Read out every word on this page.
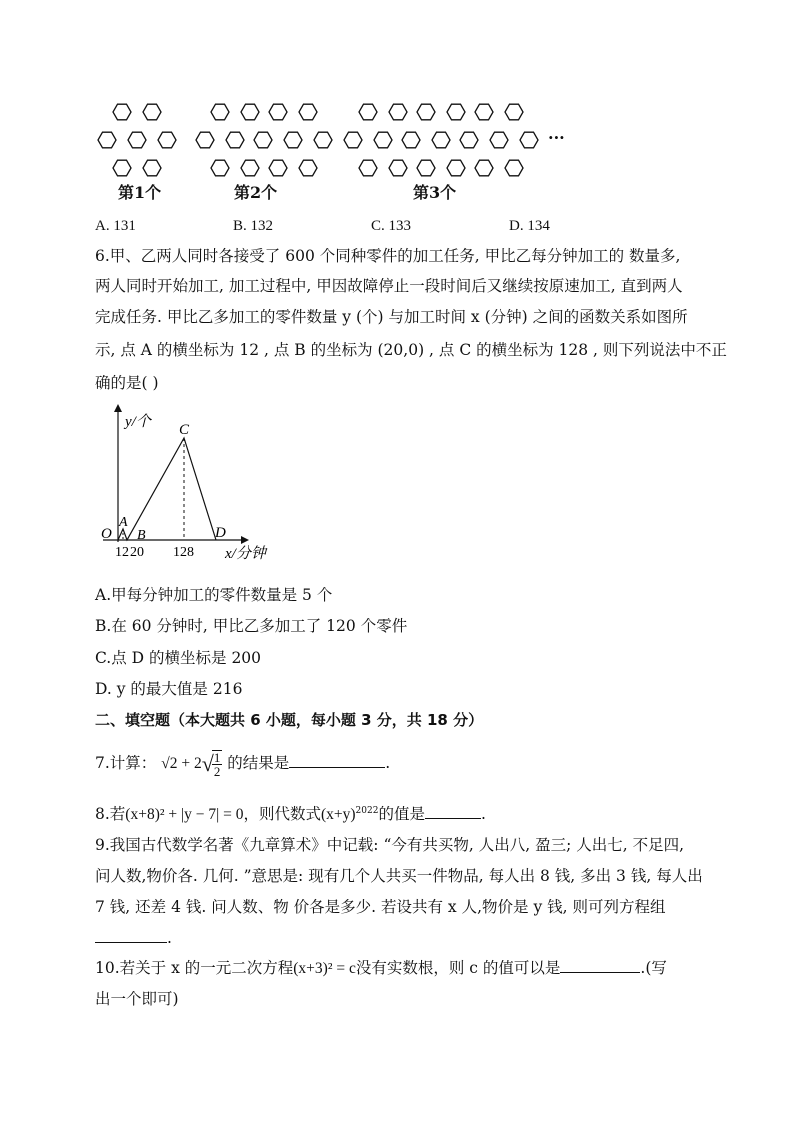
···
第1个	第2个	第3个
A. 131	B. 132	C. 133	D. 134
6.甲、乙两人同时各接受了 600 个同种零件的加工任务, 甲比乙每分钟加工的 数量多,
两人同时开始加工, 加工过程中, 甲因故障停止一段时间后又继续按原速加工, 直到两人
完成任务. 甲比乙多加工的零件数量 y (个) 与加工时间 x (分钟) 之间的函数关系如图所
示, 点 A 的横坐标为 12 , 点 B 的坐标为 (20,0) , 点 C 的横坐标为 128 , 则下列说法中不正
确的是( )
y/个
O
A
B
C
D
12 20 128 x/分钟
A.甲每分钟加工的零件数量是 5 个
B.在 60 分钟时, 甲比乙多加工了 120 个零件
C.点 D 的横坐标是 200
D. y 的最大值是 216
二、填空题（本大题共 6 小题，每小题 3 分，共 18 分）
7.计算： √2 + 2√
$\frac{1}{2}$ 的结果是	.
8.若(x+8)² + |y − 7| = 0，则代数式$(x+y)^{2022}$的值是	.
9.我国古代数学名著《九章算术》中记载: “今有共买物, 人出八, 盈三; 人出七, 不足四,
问人数,物价各. 几何. ”意思是: 现有几个人共买一件物品, 每人出 8 钱, 多出 3 钱, 每人出
7 钱, 还差 4 钱. 问人数、物 价各是多少. 若设共有 x 人,物价是 y 钱, 则可列方程组
.
10.若关于 x 的一元二次方程(x+3)² = c没有实数根，则 c 的值可以是	.(写
出一个即可)
